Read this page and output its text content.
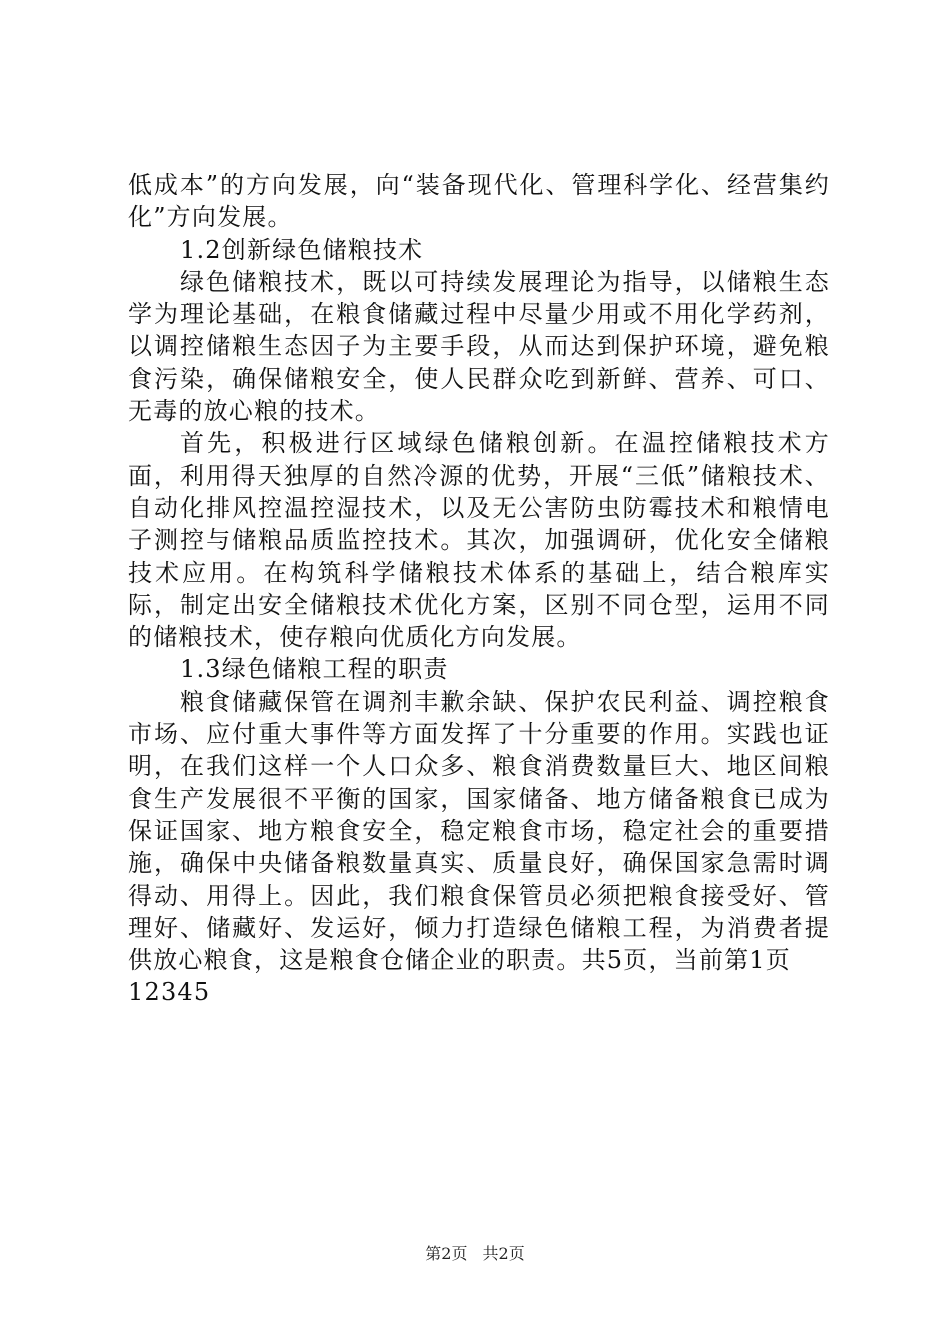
低成本”的方向发展，向“装备现代化、管理科学化、经营集约化”方向发展。

1.2创新绿色储粮技术

绿色储粮技术，既以可持续发展理论为指导，以储粮生态学为理论基础，在粮食储藏过程中尽量少用或不用化学药剂，以调控储粮生态因子为主要手段，从而达到保护环境，避免粮食污染，确保储粮安全，使人民群众吃到新鲜、营养、可口、无毒的放心粮的技术。

首先，积极进行区域绿色储粮创新。在温控储粮技术方面，利用得天独厚的自然冷源的优势，开展“三低”储粮技术、自动化排风控温控湿技术，以及无公害防虫防霉技术和粮情电子测控与储粮品质监控技术。其次，加强调研，优化安全储粮技术应用。在构筑科学储粮技术体系的基础上，结合粮库实际，制定出安全储粮技术优化方案，区别不同仓型，运用不同的储粮技术，使存粮向优质化方向发展。

1.3绿色储粮工程的职责

粮食储藏保管在调剂丰歉余缺、保护农民利益、调控粮食市场、应付重大事件等方面发挥了十分重要的作用。实践也证明，在我们这样一个人口众多、粮食消费数量巨大、地区间粮食生产发展很不平衡的国家，国家储备、地方储备粮食已成为保证国家、地方粮食安全，稳定粮食市场，稳定社会的重要措施，确保中央储备粮数量真实、质量良好，确保国家急需时调得动、用得上。因此，我们粮食保管员必须把粮食接受好、管理好、储藏好、发运好，倾力打造绿色储粮工程，为消费者提供放心粮食，这是粮食仓储企业的职责。共5页，当前第1页

12345

第2页 共2页
